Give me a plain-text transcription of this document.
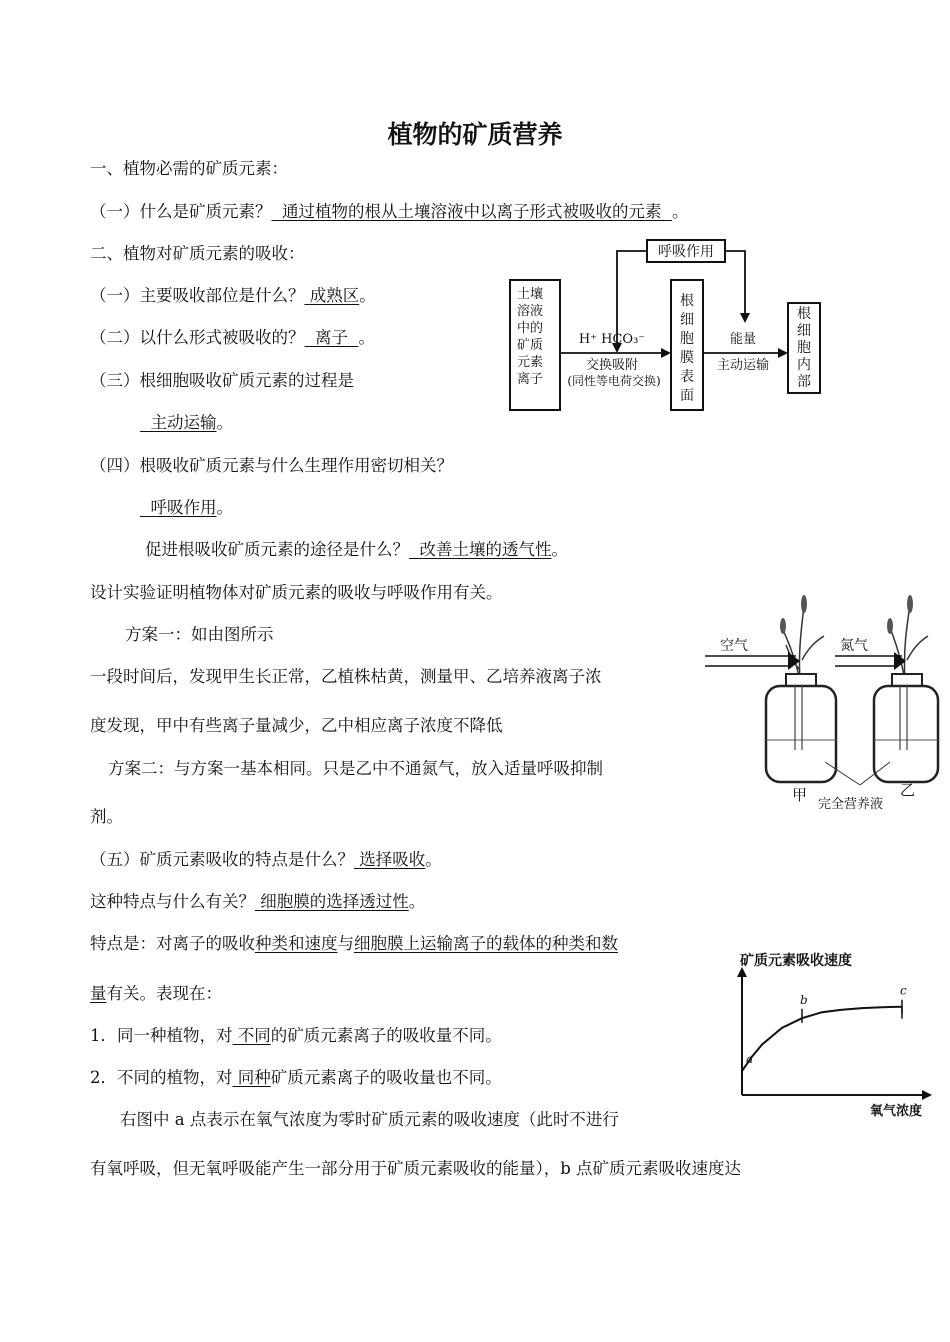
植物的矿质营养
一、植物必需的矿质元素：
（一）什么是矿质元素？ 通过植物的根从土壤溶液中以离子形式被吸收的元素 。
二、植物对矿质元素的吸收：
（一）主要吸收部位是什么？ 成熟区。
（二）以什么形式被吸收的？ 离子 。
（三）根细胞吸收矿质元素的过程是
主动运输。
（四）根吸收矿质元素与什么生理作用密切相关？
呼吸作用。
促进根吸收矿质元素的途径是什么？ 改善土壤的透气性。
设计实验证明植物体对矿质元素的吸收与呼吸作用有关。
方案一：如由图所示
一段时间后，发现甲生长正常，乙植株枯黄，测量甲、乙培养液离子浓
度发现，甲中有些离子量减少，乙中相应离子浓度不降低
方案二：与方案一基本相同。只是乙中不通氮气，放入适量呼吸抑制
剂。
（五）矿质元素吸收的特点是什么？ 选择吸收。
这种特点与什么有关？ 细胞膜的选择透过性。
特点是：对离子的吸收种类和速度与细胞膜上运输离子的载体的种类和数
量有关。表现在：
1．同一种植物，对 不同的矿质元素离子的吸收量不同。
2．不同的植物，对 同种矿质元素离子的吸收量也不同。
右图中 a 点表示在氧气浓度为零时矿质元素的吸收速度（此时不进行
有氧呼吸，但无氧呼吸能产生一部分用于矿质元素吸收的能量），b 点矿质元素吸收速度达
呼吸作用
H⁺ HCO₃⁻
交换吸附
(同性等电荷交换)
能量
主动运输
土壤
溶液
中的
矿质
元素
离子
根
细
胞
膜
表
面
根
细
胞
内
部
空气	氮气
甲	乙
完全营养液
矿质元素吸收速度
氧气浓度
a
b
c
